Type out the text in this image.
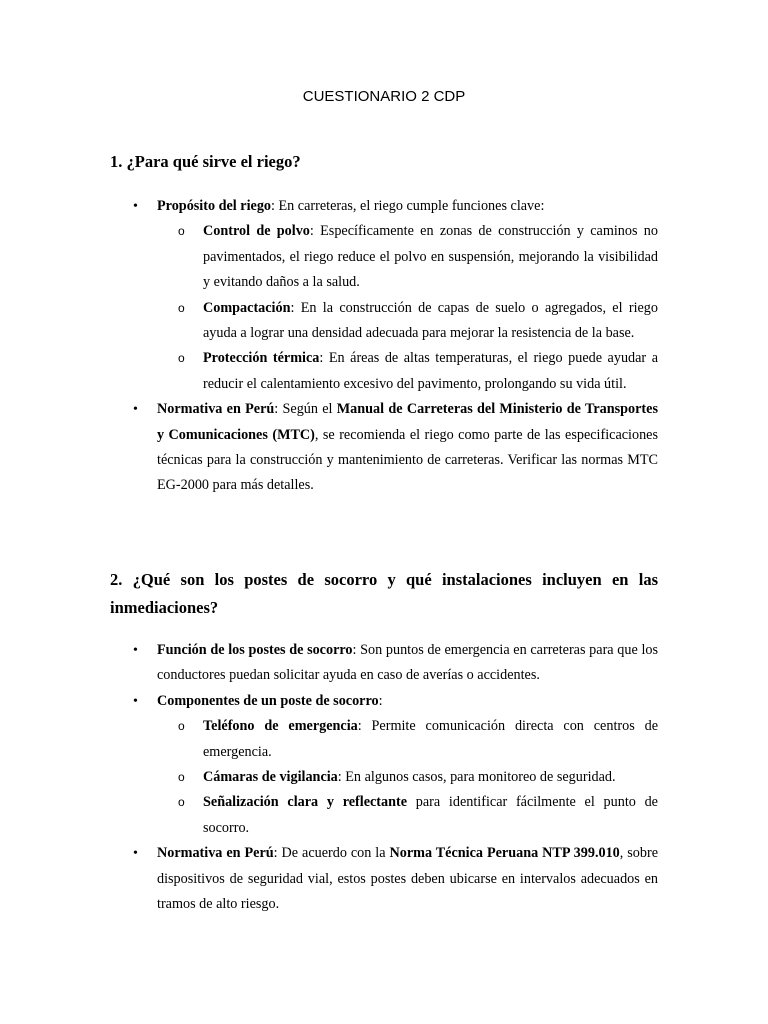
CUESTIONARIO 2 CDP
1. ¿Para qué sirve el riego?
• Propósito del riego: En carreteras, el riego cumple funciones clave:
o Control de polvo: Específicamente en zonas de construcción y caminos no pavimentados, el riego reduce el polvo en suspensión, mejorando la visibilidad y evitando daños a la salud.
o Compactación: En la construcción de capas de suelo o agregados, el riego ayuda a lograr una densidad adecuada para mejorar la resistencia de la base.
o Protección térmica: En áreas de altas temperaturas, el riego puede ayudar a reducir el calentamiento excesivo del pavimento, prolongando su vida útil.
• Normativa en Perú: Según el Manual de Carreteras del Ministerio de Transportes y Comunicaciones (MTC), se recomienda el riego como parte de las especificaciones técnicas para la construcción y mantenimiento de carreteras. Verificar las normas MTC EG-2000 para más detalles.
2. ¿Qué son los postes de socorro y qué instalaciones incluyen en las
inmediaciones?
• Función de los postes de socorro: Son puntos de emergencia en carreteras para que los conductores puedan solicitar ayuda en caso de averías o accidentes.
• Componentes de un poste de socorro:
o Teléfono de emergencia: Permite comunicación directa con centros de emergencia.
o Cámaras de vigilancia: En algunos casos, para monitoreo de seguridad.
o Señalización clara y reflectante para identificar fácilmente el punto de socorro.
• Normativa en Perú: De acuerdo con la Norma Técnica Peruana NTP 399.010, sobre dispositivos de seguridad vial, estos postes deben ubicarse en intervalos adecuados en tramos de alto riesgo.
